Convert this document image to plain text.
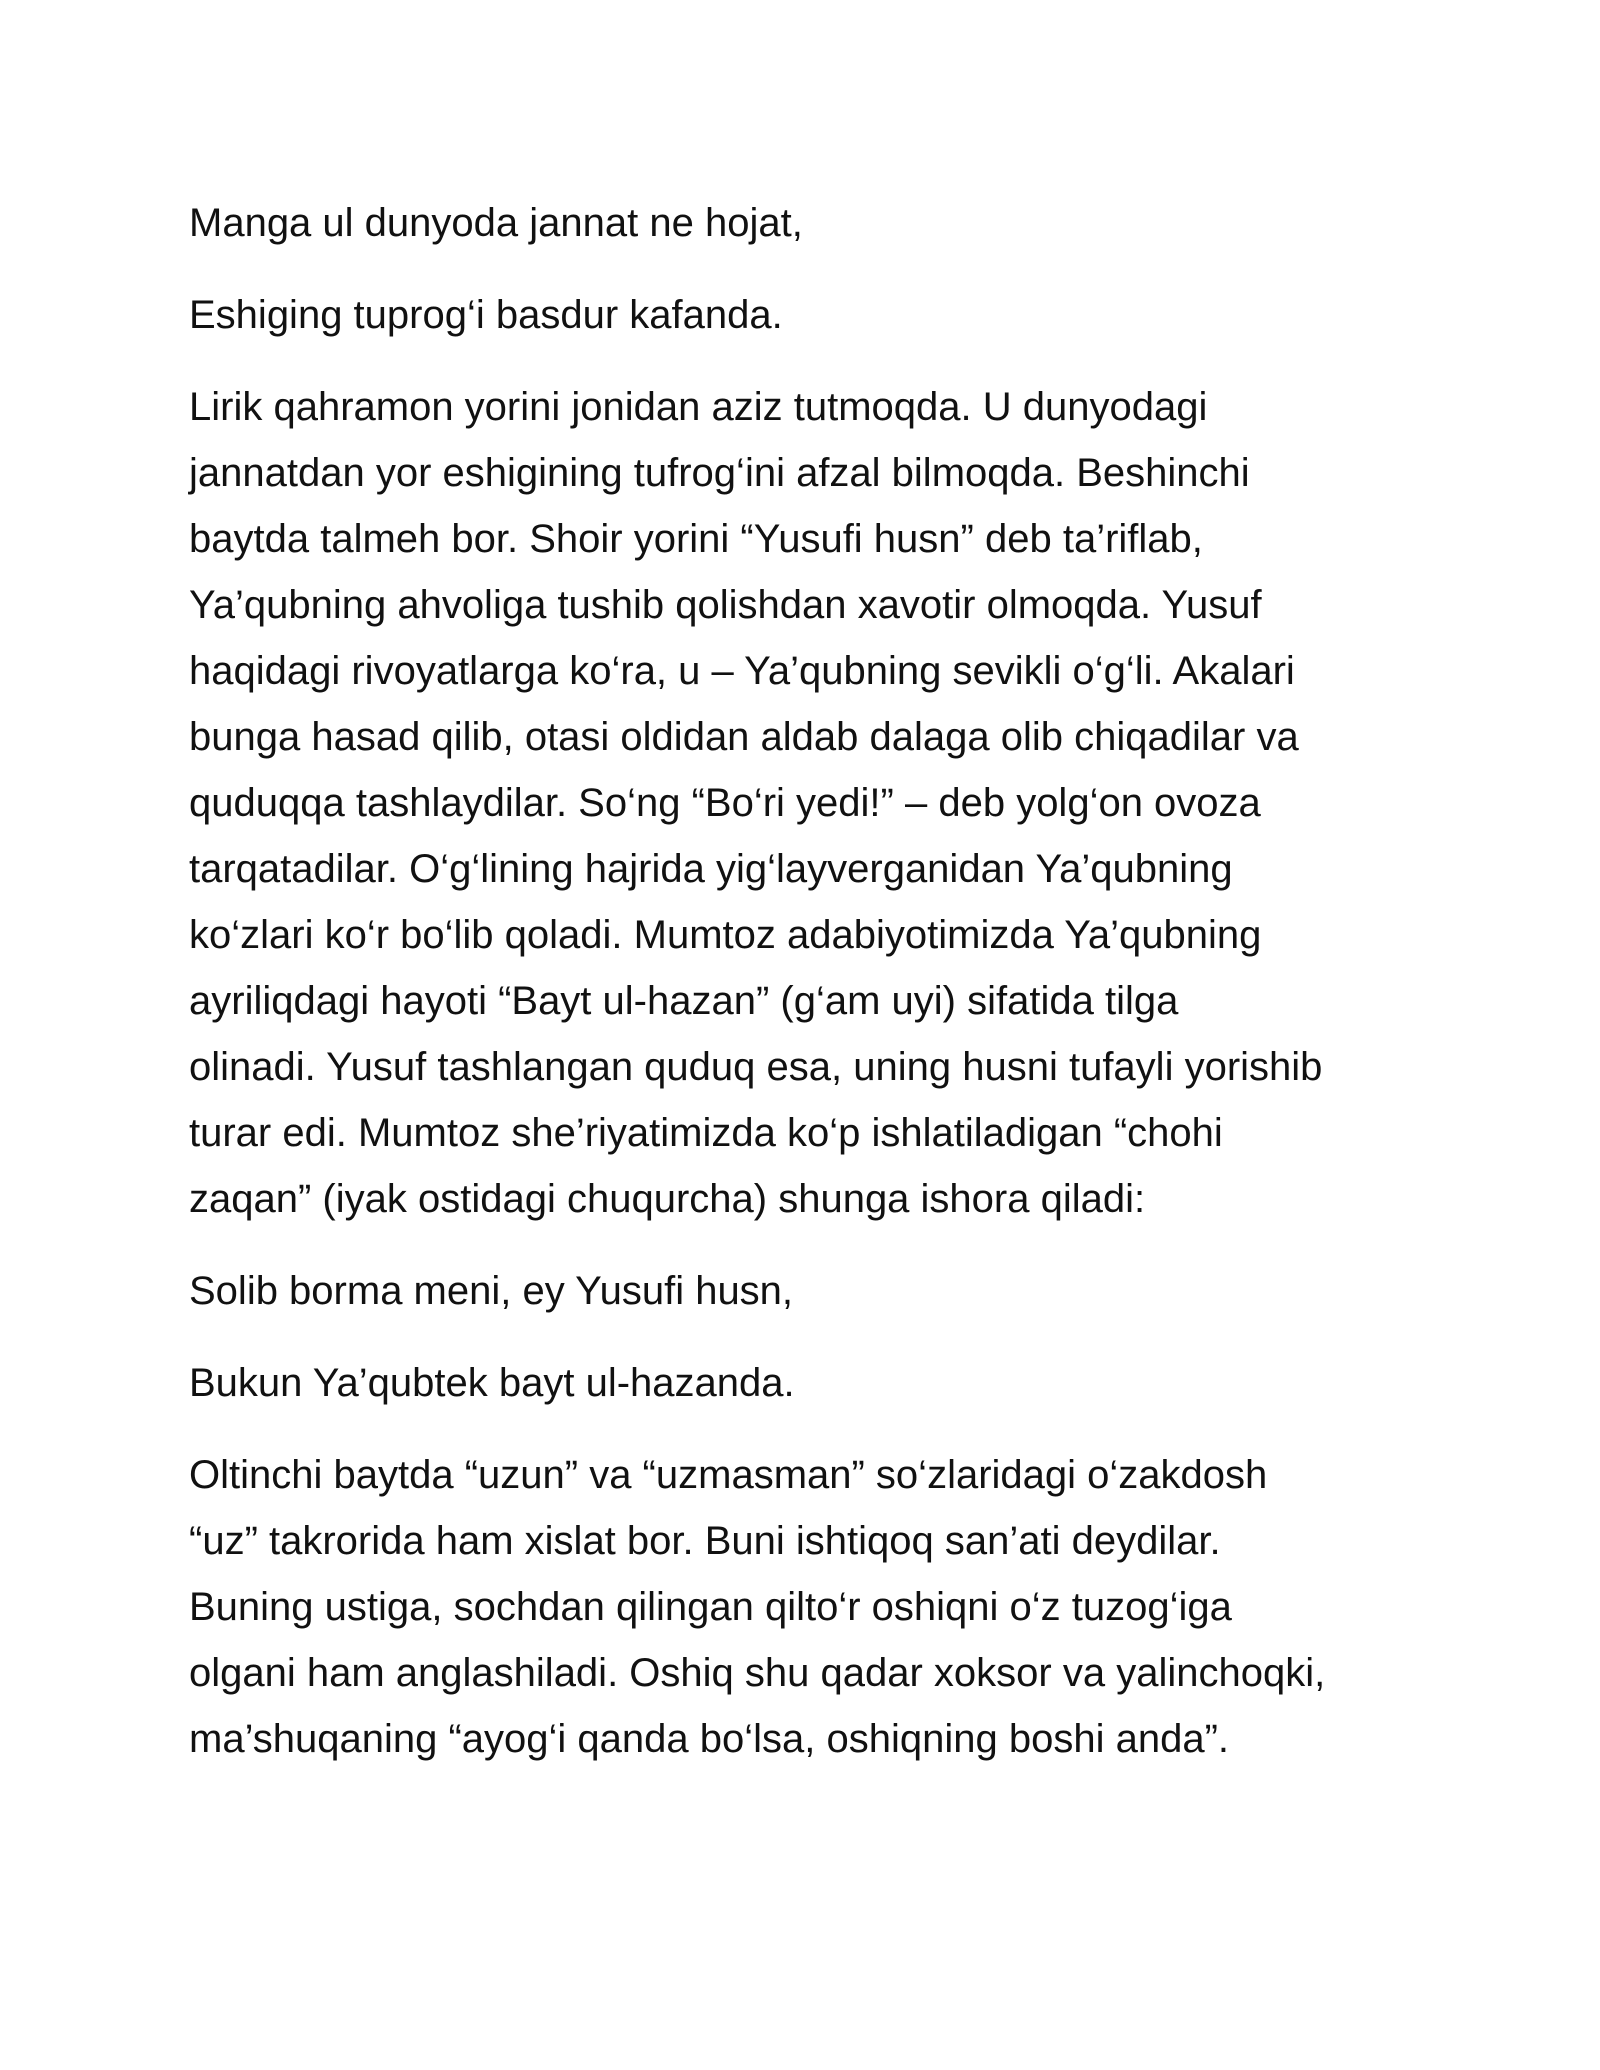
Manga ul dunyoda jannat ne hojat,

Eshiging tuprog‘i basdur kafanda.

Lirik qahramon yorini jonidan aziz tutmoqda. U dunyodagi

jannatdan yor eshigining tufrog‘ini afzal bilmoqda. Beshinchi

baytda talmeh bor. Shoir yorini “Yusufi husn” deb ta’riflab,

Ya’qubning ahvoliga tushib qolishdan xavotir olmoqda. Yusuf

haqidagi rivoyatlarga ko‘ra, u – Ya’qubning sevikli o‘g‘li. Akalari

bunga hasad qilib, otasi oldidan aldab dalaga olib chiqadilar va

quduqqa tashlaydilar. So‘ng “Bo‘ri yedi!” – deb yolg‘on ovoza

tarqatadilar. O‘g‘lining hajrida yig‘layverganidan Ya’qubning

ko‘zlari ko‘r bo‘lib qoladi. Mumtoz adabiyotimizda Ya’qubning

ayriliqdagi hayoti “Bayt ul-hazan” (g‘am uyi) sifatida tilga

olinadi. Yusuf tashlangan quduq esa, uning husni tufayli yorishib

turar edi. Mumtoz she’riyatimizda ko‘p ishlatiladigan “chohi

zaqan” (iyak ostidagi chuqurcha) shunga ishora qiladi:

Solib borma meni, ey Yusufi husn,

Bukun Ya’qubtek bayt ul-hazanda.

Oltinchi baytda “uzun” va “uzmasman” so‘zlaridagi o‘zakdosh

“uz” takrorida ham xislat bor. Buni ishtiqoq san’ati deydilar.

Buning ustiga, sochdan qilingan qilto‘r oshiqni o‘z tuzog‘iga

olgani ham anglashiladi. Oshiq shu qadar xoksor va yalinchoqki,

ma’shuqaning “ayog‘i qanda bo‘lsa, oshiqning boshi anda”.
